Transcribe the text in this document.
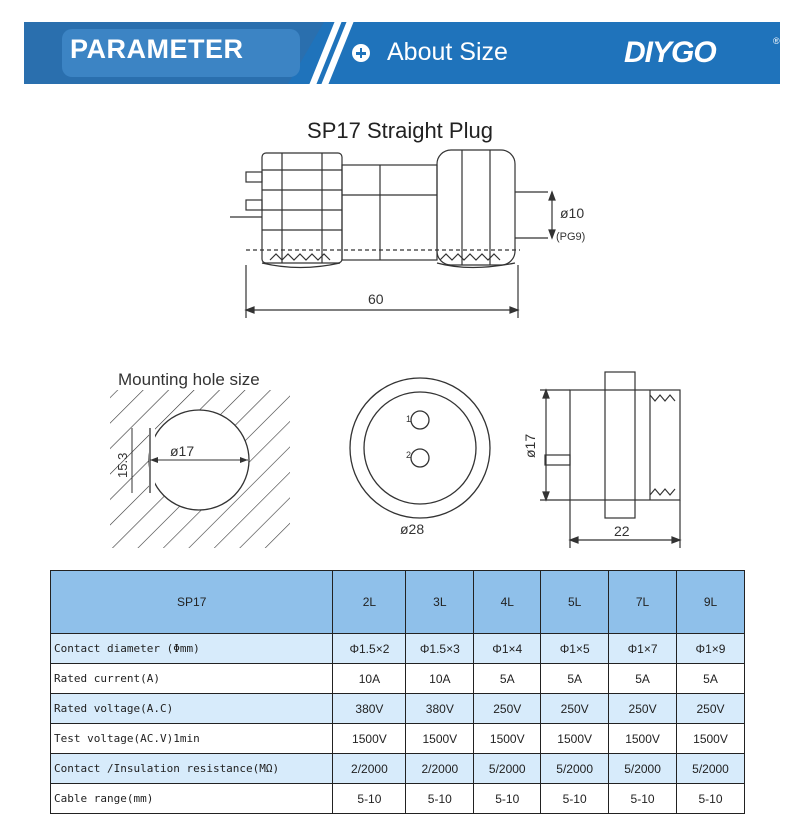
PARAMETER	About Size	DIYGO	®
SP17 Straight Plug
ø10
(PG9)
60
Mounting hole size
ø17
15.3
1
2
ø28
ø17
22
SP17	2L	3L	4L	5L	7L	9L
Contact diameter (Φmm)	Φ1.5×2	Φ1.5×3	Φ1×4	Φ1×5	Φ1×7	Φ1×9
Rated current(A)	10A	10A	5A	5A	5A	5A
Rated voltage(A.C)	380V	380V	250V	250V	250V	250V
Test voltage(AC.V)1min	1500V	1500V	1500V	1500V	1500V	1500V
Contact /Insulation resistance(MΩ)	2/2000	2/2000	5/2000	5/2000	5/2000	5/2000
Cable range(mm)	5-10	5-10	5-10	5-10	5-10	5-10
